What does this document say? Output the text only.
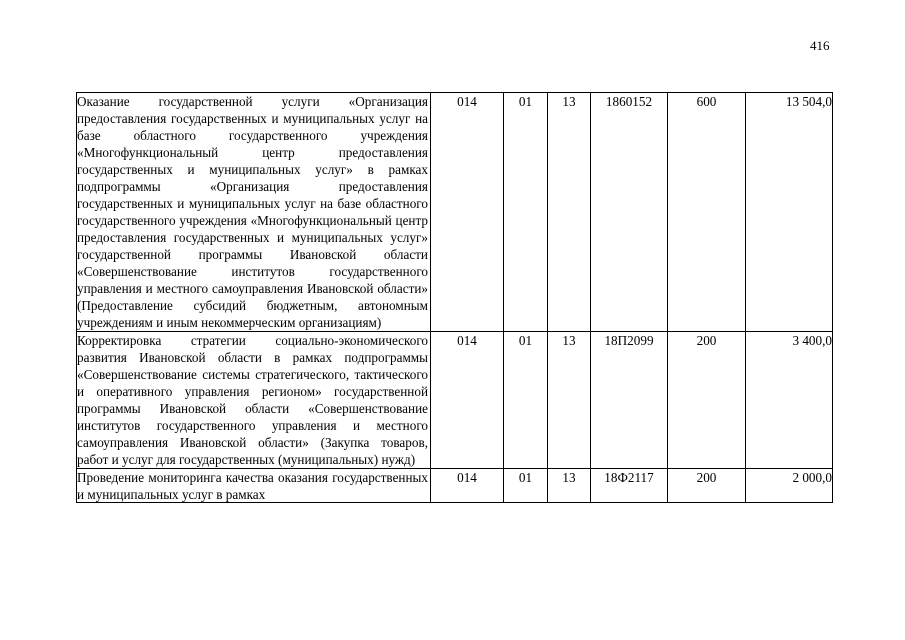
416
Оказание государственной услуги «Организация предоставления государственных и муниципальных услуг на базе областного государственного учреждения «Многофункциональный центр предоставления государственных и муниципальных услуг» в рамках подпрограммы «Организация предоставления государственных и муниципальных услуг на базе областного государственного учреждения «Многофункциональный центр предоставления государственных и муниципальных услуг» государственной программы Ивановской области «Совершенствование институтов государственного управления и местного самоуправления Ивановской области» (Предоставление субсидий бюджетным, автономным учреждениям и иным некоммерческим организациям)	014	01	13	1860152	600	13 504,0
Корректировка стратегии социально-экономического развития Ивановской области в рамках подпрограммы «Совершенствование системы стратегического, тактического и оперативного управления регионом» государственной программы Ивановской области «Совершенствование институтов государственного управления и местного самоуправления Ивановской области» (Закупка товаров, работ и услуг для государственных (муниципальных) нужд)	014	01	13	18П2099	200	3 400,0

Проведение мониторинга качества оказания государственных и муниципальных услуг в рамках	014	01	13	18Ф2117	200	2 000,0
